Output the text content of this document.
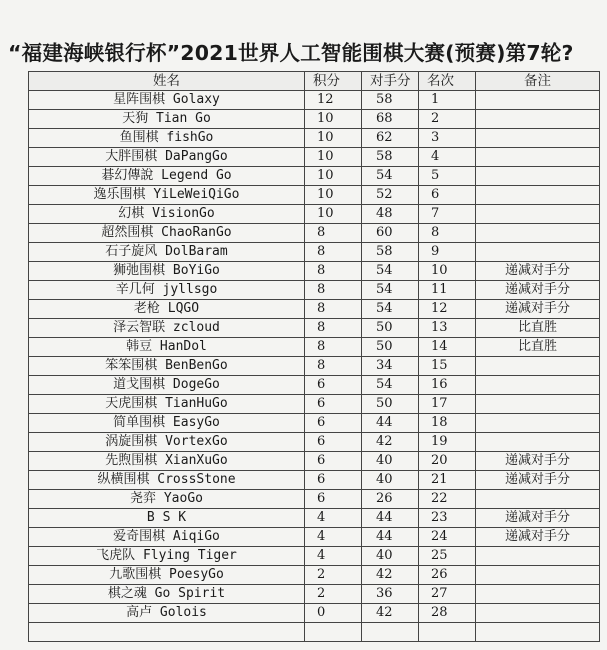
“福建海峡银行杯”2021世界人工智能围棋大赛(预赛)第7轮?
姓名	积分	对手分	名次	备注
星阵围棋 Golaxy	12	58	1	
天狗 Tian Go	10	68	2	
鱼围棋 fishGo	10	62	3	
大胖围棋 DaPangGo	10	58	4	
碁幻傳說 Legend Go	10	54	5	
逸乐围棋 YiLeWeiQiGo	10	52	6	
幻棋 VisionGo	10	48	7	
超然围棋 ChaoRanGo	8	60	8	
石子旋风 DolBaram	8	58	9	
狮弛围棋 BoYiGo	8	54	10	递减对手分
辛几何 jyllsgo	8	54	11	递减对手分
老枪 LQGO	8	54	12	递减对手分
泽云智联 zcloud	8	50	13	比直胜
韩豆 HanDol	8	50	14	比直胜
笨笨围棋 BenBenGo	8	34	15	
道戈围棋 DogeGo	6	54	16	
天虎围棋 TianHuGo	6	50	17	
简单围棋 EasyGo	6	44	18	
涡旋围棋 VortexGo	6	42	19	
先煦围棋 XianXuGo	6	40	20	递减对手分
纵横围棋 CrossStone	6	40	21	递减对手分
尧弈 YaoGo	6	26	22	
B S K	4	44	23	递减对手分
爱奇围棋 AiqiGo	4	44	24	递减对手分
飞虎队 Flying Tiger	4	40	25	
九歌围棋 PoesyGo	2	42	26	
棋之魂 Go Spirit	2	36	27	
高卢 Golois	0	42	28	
